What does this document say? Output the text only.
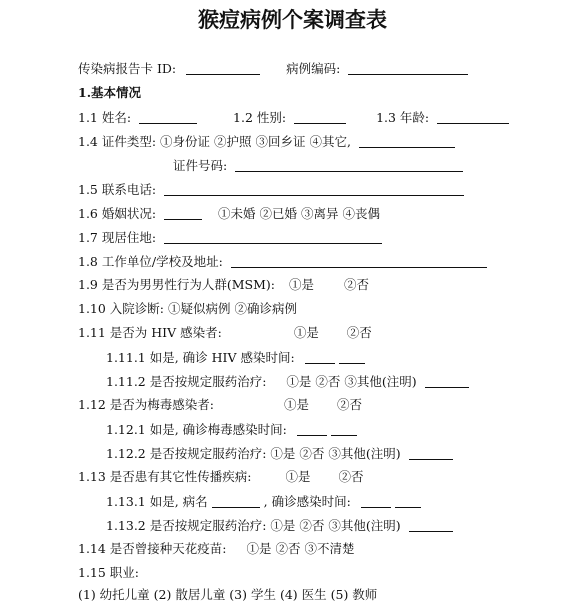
猴痘病例个案调查表
传染病报告卡 ID:	病例编码:
1.基本情况
1.1 姓名:	1.2 性别:	1.3 年龄:
1.4 证件类型: ①身份证 ②护照 ③回乡证 ④其它,
证件号码:
1.5 联系电话:
1.6 婚姻状况:	①未婚 ②已婚 ③离异 ④丧偶
1.7 现居住地:
1.8 工作单位/学校及地址:
1.9 是否为男男性行为人群(MSM): ①是 ②否
1.10 入院诊断: ①疑似病例 ②确诊病例
1.11 是否为 HIV 感染者:	①是 ②否
1.11.1 如是, 确诊 HIV 感染时间:
1.11.2 是否按规定服药治疗: ①是 ②否 ③其他(注明)
1.12 是否为梅毒感染者:	①是 ②否
1.12.1 如是, 确诊梅毒感染时间:
1.12.2 是否按规定服药治疗: ①是 ②否 ③其他(注明)
1.13 是否患有其它性传播疾病:	①是 ②否
1.13.1 如是, 病名	, 确诊感染时间:
1.13.2 是否按规定服药治疗: ①是 ②否 ③其他(注明)
1.14 是否曾接种天花疫苗: ①是 ②否 ③不清楚
1.15 职业:
(1) 幼托儿童 (2) 散居儿童 (3) 学生 (4) 医生 (5) 教师
